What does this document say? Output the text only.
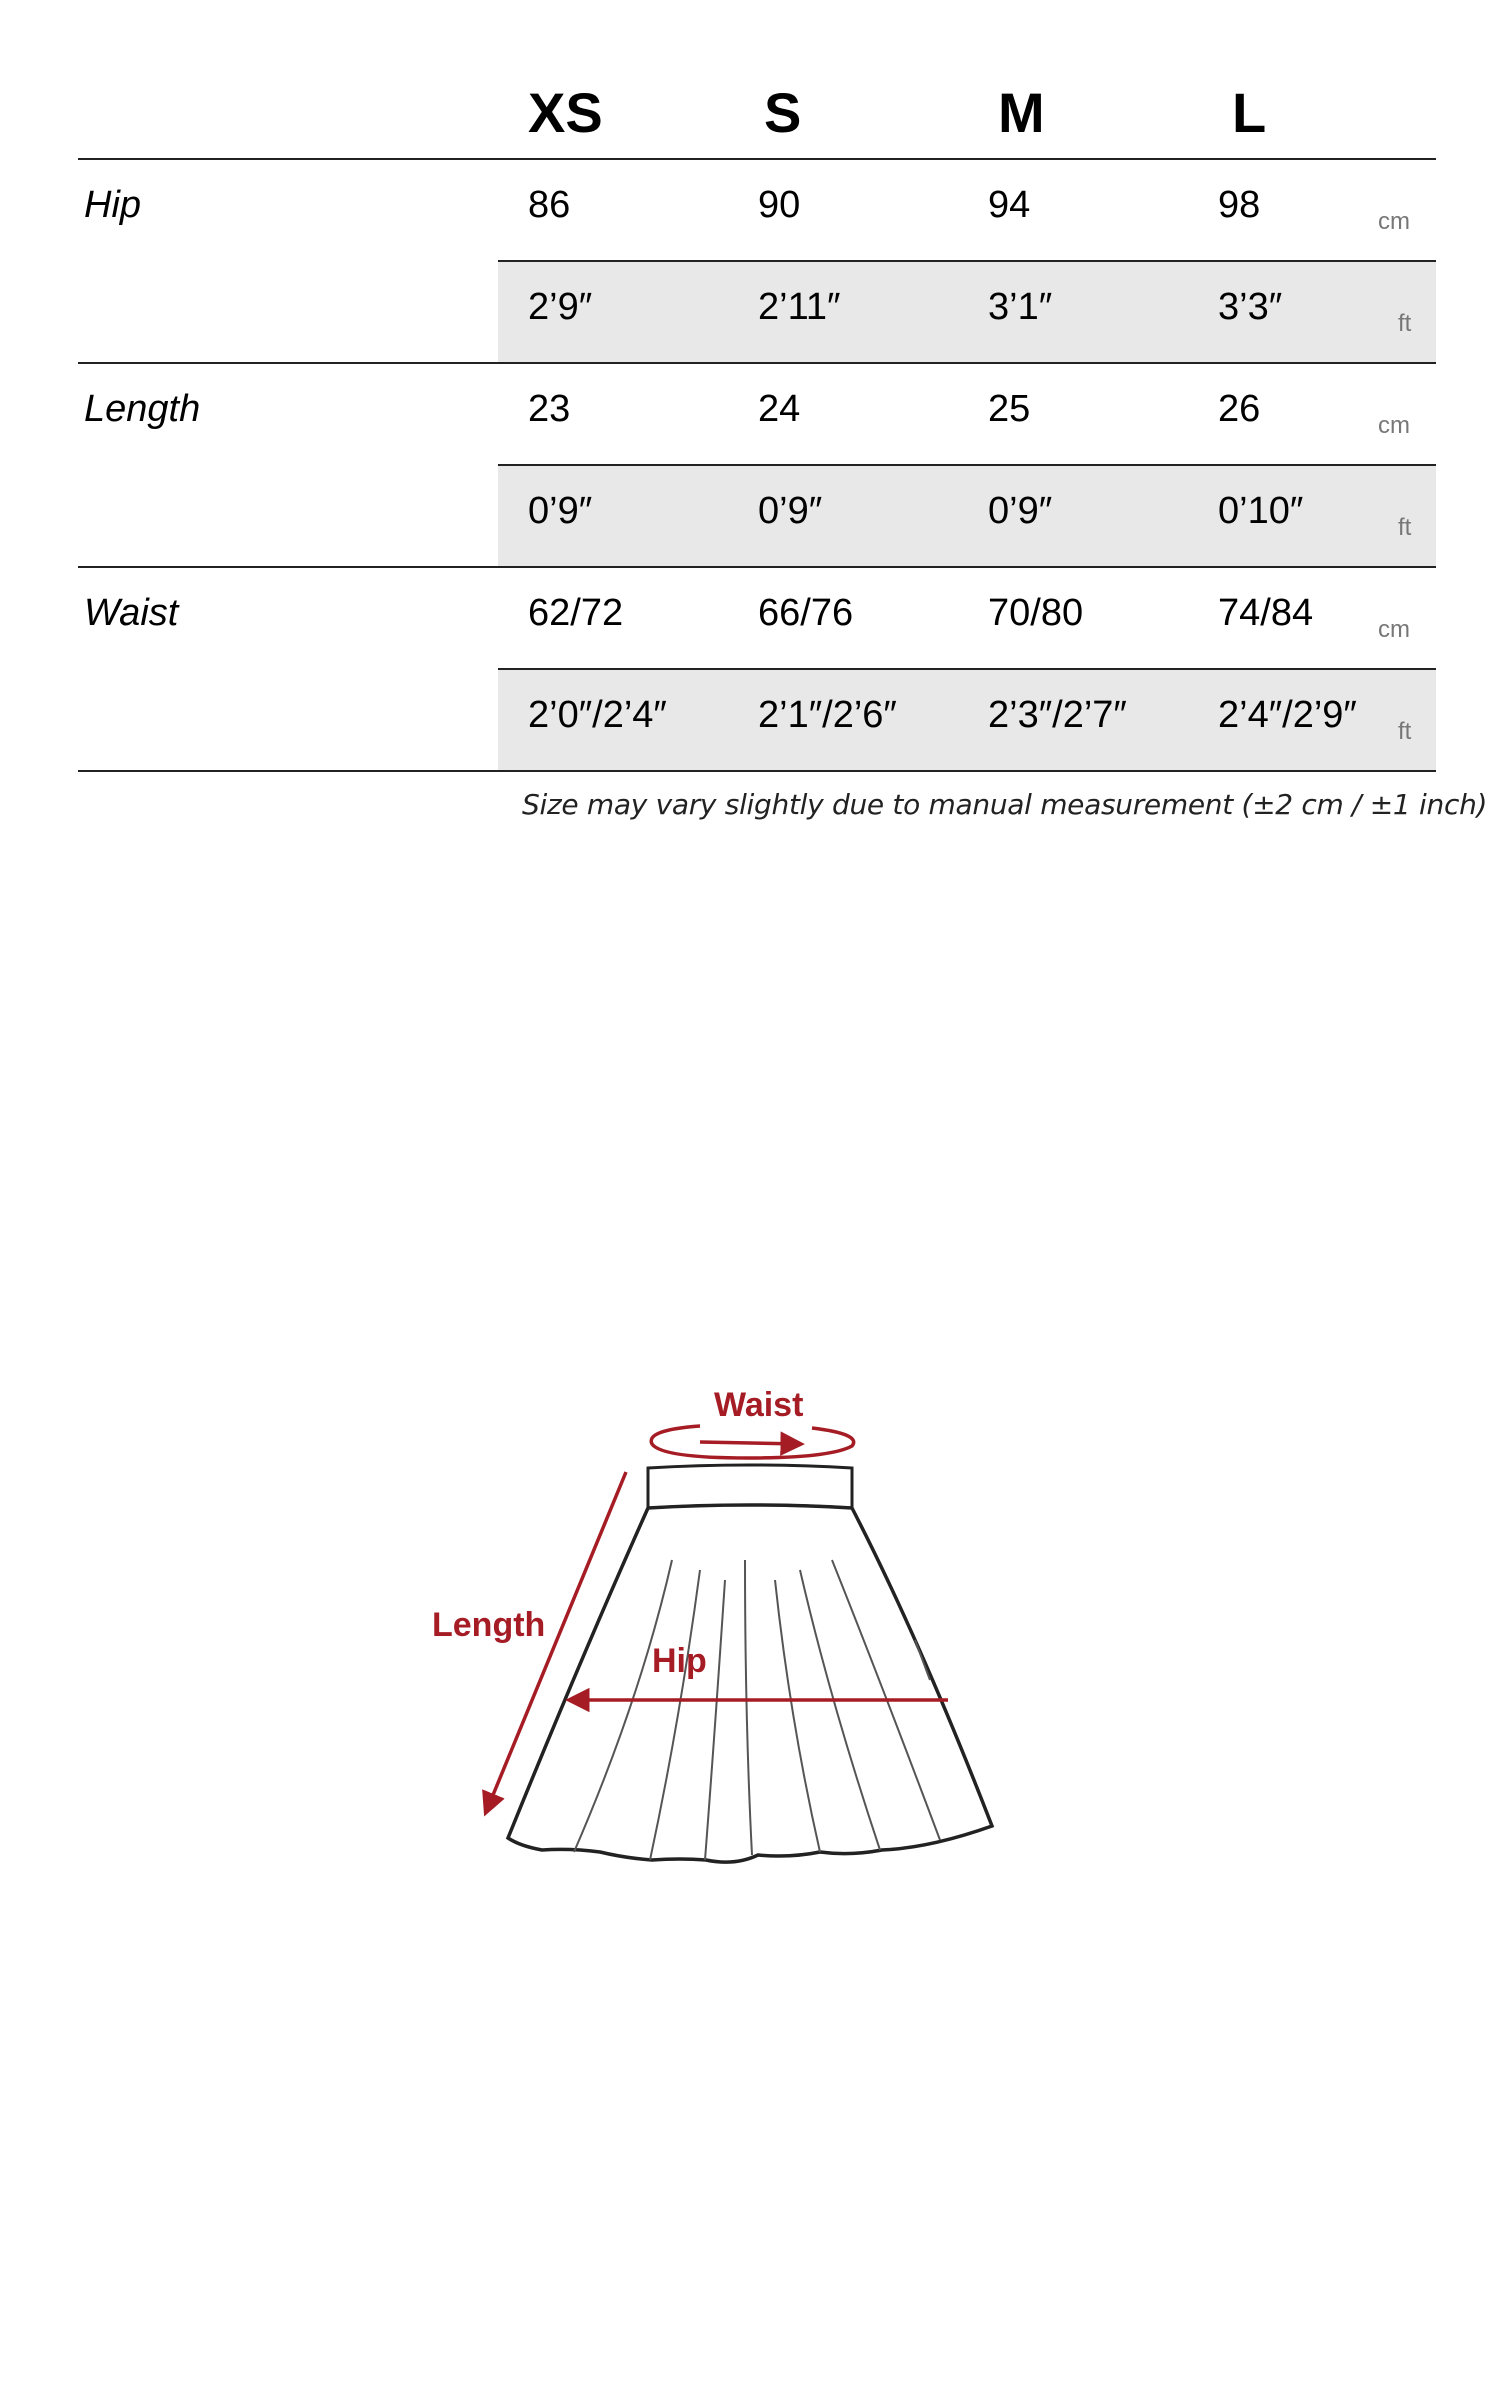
XS	S	M	L
Hip	86	90	94	98	cm
2’9″	2’11″	3’1″	3’3″	ft
Length	23	24	25	26	cm
0’9″	0’9″	0’9″	0’10″	ft
Waist	62/72	66/76	70/80	74/84	cm
2’0″/2’4″ 2’1″/2’6″ 2’3″/2’7″ 2’4″/2’9″ ft
Size may vary slightly due to manual measurement (±2 cm / ±1 inch)
Waist
Length
Hip
